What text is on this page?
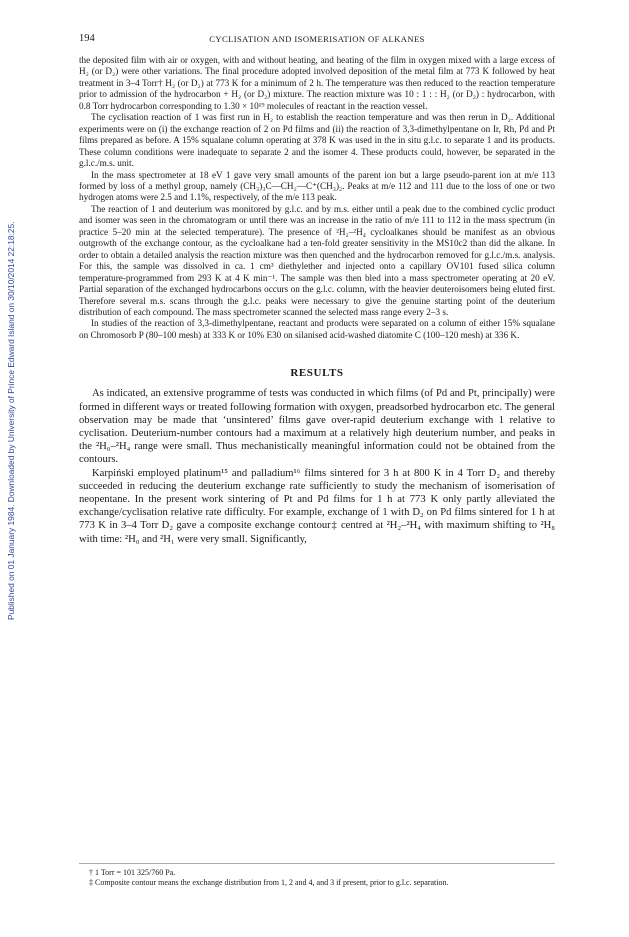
Published on 01 January 1984. Downloaded by University of Prince Edward Island on 30/10/2014 22:18:25.
194	CYCLISATION AND ISOMERISATION OF ALKANES

the deposited film with air or oxygen, with and without heating, and heating of the film in oxygen mixed with a large excess of H₂ (or D₂) were other variations. The final procedure adopted involved deposition of the metal film at 773 K followed by heat treatment in 3–4 Torr† H₂ (or D₂) at 773 K for a minimum of 2 h. The temperature was then reduced to the reaction temperature prior to admission of the hydrocarbon + H₂ (or D₂) mixture. The reaction mixture was 10 : 1 : : H₂ (or D₂) : hydrocarbon, with 0.8 Torr hydrocarbon corresponding to 1.30 × 10¹⁹ molecules of reactant in the reaction vessel.

The cyclisation reaction of 1 was first run in H₂ to establish the reaction temperature and was then rerun in D₂. Additional experiments were on (i) the exchange reaction of 2 on Pd films and (ii) the reaction of 3,3-dimethylpentane on Ir, Rh, Pd and Pt films prepared as before. A 15% squalane column operating at 378 K was used in the in situ g.l.c. to separate 1 and its products. These column conditions were inadequate to separate 2 and the isomer 4. These products could, however, be separated in the g.l.c./m.s. unit.

In the mass spectrometer at 18 eV 1 gave very small amounts of the parent ion but a large pseudo-parent ion at m/e 113 formed by loss of a methyl group, namely (CH₃)₃C—CH₂—C⁺(CH₃)₂. Peaks at m/e 112 and 111 due to the loss of one or two hydrogen atoms were 2.5 and 1.1%, respectively, of the m/e 113 peak.

The reaction of 1 and deuterium was monitored by g.l.c. and by m.s. either until a peak due to the combined cyclic product and isomer was seen in the chromatogram or until there was an increase in the ratio of m/e 111 to 112 in the mass spectrum (in practice 5–20 min at the selected temperature). The presence of ²H₂–²H₄ cycloalkanes should be manifest as an obvious outgrowth of the exchange contour, as the cycloalkane had a ten-fold greater sensitivity in the MS10c2 than did the alkane. In order to obtain a detailed analysis the reaction mixture was then quenched and the hydrocarbon removed for g.l.c./m.s. analysis. For this, the sample was dissolved in ca. 1 cm³ diethylether and injected onto a capillary OV101 fused silica column temperature-programmed from 293 K at 4 K min⁻¹. The sample was then bled into a mass spectrometer operating at 20 eV. Partial separation of the exchanged hydrocarbons occurs on the g.l.c. column, with the heavier deuteroisomers being eluted first. Therefore several m.s. scans through the g.l.c. peaks were necessary to give the genuine starting point of the deuterium distribution of each compound. The mass spectrometer scanned the selected mass range every 2–3 s.

In studies of the reaction of 3,3-dimethylpentane, reactant and products were separated on a column of either 15% squalane on Chromosorb P (80–100 mesh) at 333 K or 10% E30 on silanised acid-washed diatomite C (100–120 mesh) at 336 K.

RESULTS

As indicated, an extensive programme of tests was conducted in which films (of Pd and Pt, principally) were formed in different ways or treated following formation with oxygen, preadsorbed hydrocarbon etc. The general observation may be made that ‘unsintered’ films gave over-rapid deuterium exchange with 1 relative to cyclisation. Deuterium-number contours had a maximum at a relatively high deuterium number, and peaks in the ²H₀–²H₄ range were small. Thus mechanistically meaningful information could not be obtained from the contours.

Karpiński employed platinum¹⁵ and palladium¹⁶ films sintered for 3 h at 800 K in 4 Torr D₂ and thereby succeeded in reducing the deuterium exchange rate sufficiently to study the mechanism of isomerisation of neopentane. In the present work sintering of Pt and Pd films for 1 h at 773 K only partly alleviated the exchange/cyclisation relative rate difficulty. For example, exchange of 1 with D₂ on Pd films sintered for 1 h at 773 K in 3–4 Torr D₂ gave a composite exchange contour‡ centred at ²H₂–²H₄ with maximum shifting to ²H₈ with time: ²H₀ and ²H₁ were very small. Significantly,

† 1 Torr = 101 325/760 Pa.

‡ Composite contour means the exchange distribution from 1, 2 and 4, and 3 if present, prior to g.l.c. separation.
